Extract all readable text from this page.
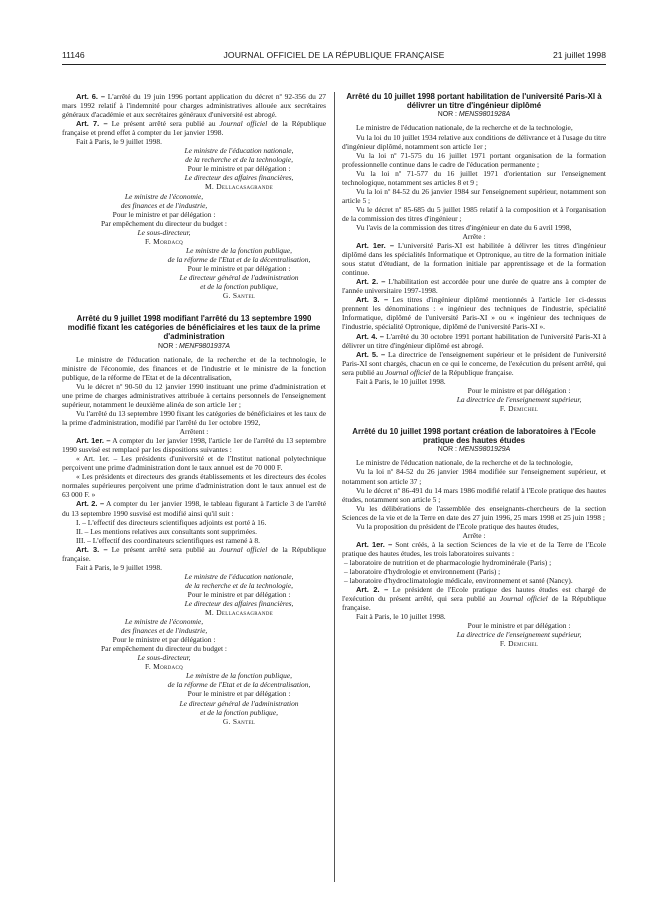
11146	JOURNAL OFFICIEL DE LA RÉPUBLIQUE FRANÇAISE	21 juillet 1998

Art. 6. – L'arrêté du 19 juin 1996 portant application du décret nº 92-356 du 27 mars 1992 relatif à l'indemnité pour charges administratives allouée aux secrétaires généraux d'académie et aux secrétaires généraux d'université est abrogé.

Art. 7. – Le présent arrêté sera publié au Journal officiel de la République française et prend effet à compter du 1er janvier 1998.

Fait à Paris, le 9 juillet 1998.

Le ministre de l'éducation nationale,

de la recherche et de la technologie,

Pour le ministre et par délégation :

Le directeur des affaires financières,

M. Dellacasagrande

Le ministre de l'économie,

des finances et de l'industrie,

Pour le ministre et par délégation :

Par empêchement du directeur du budget :

Le sous-directeur,

F. Mordacq

Le ministre de la fonction publique,

de la réforme de l'Etat et de la décentralisation,

Pour le ministre et par délégation :

Le directeur général de l'administration

et de la fonction publique,

G. Santel

Arrêté du 9 juillet 1998 modifiant l'arrêté du 13 septembre 1990 modifié fixant les catégories de bénéficiaires et les taux de la prime d'administration

NOR : MENF9801937A

Le ministre de l'éducation nationale, de la recherche et de la technologie, le ministre de l'économie, des finances et de l'industrie et le ministre de la fonction publique, de la réforme de l'Etat et de la décentralisation,

Vu le décret nº 90-50 du 12 janvier 1990 instituant une prime d'administration et une prime de charges administratives attribuée à certains personnels de l'enseignement supérieur, notamment le deuxième alinéa de son article 1er ;

Vu l'arrêté du 13 septembre 1990 fixant les catégories de bénéficiaires et les taux de la prime d'administration, modifié par l'arrêté du 1er octobre 1992,

Arrêtent :

Art. 1er. – A compter du 1er janvier 1998, l'article 1er de l'arrêté du 13 septembre 1990 susvisé est remplacé par les dispositions suivantes :

« Art. 1er. – Les présidents d'université et de l'Institut national polytechnique perçoivent une prime d'administration dont le taux annuel est de 70 000 F.

« Les présidents et directeurs des grands établissements et les directeurs des écoles normales supérieures perçoivent une prime d'administration dont le taux annuel est de 63 000 F. »

Art. 2. – A compter du 1er janvier 1998, le tableau figurant à l'article 3 de l'arrêté du 13 septembre 1990 susvisé est modifié ainsi qu'il suit :

I. – L'effectif des directeurs scientifiques adjoints est porté à 16.

II. – Les mentions relatives aux consultants sont supprimées.

III. – L'effectif des coordinateurs scientifiques est ramené à 8.

Art. 3. – Le présent arrêté sera publié au Journal officiel de la République française.

Fait à Paris, le 9 juillet 1998.

Le ministre de l'éducation nationale,

de la recherche et de la technologie,

Pour le ministre et par délégation :

Le directeur des affaires financières,

M. Dellacasagrande

Le ministre de l'économie,

des finances et de l'industrie,

Pour le ministre et par délégation :

Par empêchement du directeur du budget :

Le sous-directeur,

F. Mordacq

Le ministre de la fonction publique,

de la réforme de l'Etat et de la décentralisation,

Pour le ministre et par délégation :

Le directeur général de l'administration

et de la fonction publique,

G. Santel

Arrêté du 10 juillet 1998 portant habilitation de l'université Paris-XI à délivrer un titre d'ingénieur diplômé

NOR : MENS9801928A

Le ministre de l'éducation nationale, de la recherche et de la technologie,

Vu la loi du 10 juillet 1934 relative aux conditions de délivrance et à l'usage du titre d'ingénieur diplômé, notamment son article 1er ;

Vu la loi nº 71-575 du 16 juillet 1971 portant organisation de la formation professionnelle continue dans le cadre de l'éducation permanente ;

Vu la loi nº 71-577 du 16 juillet 1971 d'orientation sur l'enseignement technologique, notamment ses articles 8 et 9 ;

Vu la loi nº 84-52 du 26 janvier 1984 sur l'enseignement supérieur, notamment son article 5 ;

Vu le décret nº 85-685 du 5 juillet 1985 relatif à la composition et à l'organisation de la commission des titres d'ingénieur ;

Vu l'avis de la commission des titres d'ingénieur en date du 6 avril 1998,

Arrête :

Art. 1er. – L'université Paris-XI est habilitée à délivrer les titres d'ingénieur diplômé dans les spécialités Informatique et Optronique, au titre de la formation initiale sous statut d'étudiant, de la formation initiale par apprentissage et de la formation continue.

Art. 2. – L'habilitation est accordée pour une durée de quatre ans à compter de l'année universitaire 1997-1998.

Art. 3. – Les titres d'ingénieur diplômé mentionnés à l'article 1er ci-dessus prennent les dénominations : « ingénieur des techniques de l'industrie, spécialité Informatique, diplômé de l'université Paris-XI » ou « ingénieur des techniques de l'industrie, spécialité Optronique, diplômé de l'université Paris-XI ».

Art. 4. – L'arrêté du 30 octobre 1991 portant habilitation de l'université Paris-XI à délivrer un titre d'ingénieur diplômé est abrogé.

Art. 5. – La directrice de l'enseignement supérieur et le président de l'université Paris-XI sont chargés, chacun en ce qui le concerne, de l'exécution du présent arrêté, qui sera publié au Journal officiel de la République française.

Fait à Paris, le 10 juillet 1998.

Pour le ministre et par délégation :

La directrice de l'enseignement supérieur,

F. Demichel

Arrêté du 10 juillet 1998 portant création de laboratoires à l'Ecole pratique des hautes études

NOR : MENS9801929A

Le ministre de l'éducation nationale, de la recherche et de la technologie,

Vu la loi nº 84-52 du 26 janvier 1984 modifiée sur l'enseignement supérieur, et notamment son article 37 ;

Vu le décret nº 86-491 du 14 mars 1986 modifié relatif à l'Ecole pratique des hautes études, notamment son article 5 ;

Vu les délibérations de l'assemblée des enseignants-chercheurs de la section Sciences de la vie et de la Terre en date des 27 juin 1996, 25 mars 1998 et 25 juin 1998 ;

Vu la proposition du président de l'Ecole pratique des hautes études,

Arrête :

Art. 1er. – Sont créés, à la section Sciences de la vie et de la Terre de l'Ecole pratique des hautes études, les trois laboratoires suivants :

– laboratoire de nutrition et de pharmacologie hydrominérale (Paris) ;

– laboratoire d'hydrologie et environnement (Paris) ;

– laboratoire d'hydroclimatologie médicale, environnement et santé (Nancy).

Art. 2. – Le président de l'Ecole pratique des hautes études est chargé de l'exécution du présent arrêté, qui sera publié au Journal officiel de la République française.

Fait à Paris, le 10 juillet 1998.

Pour le ministre et par délégation :

La directrice de l'enseignement supérieur,

F. Demichel
